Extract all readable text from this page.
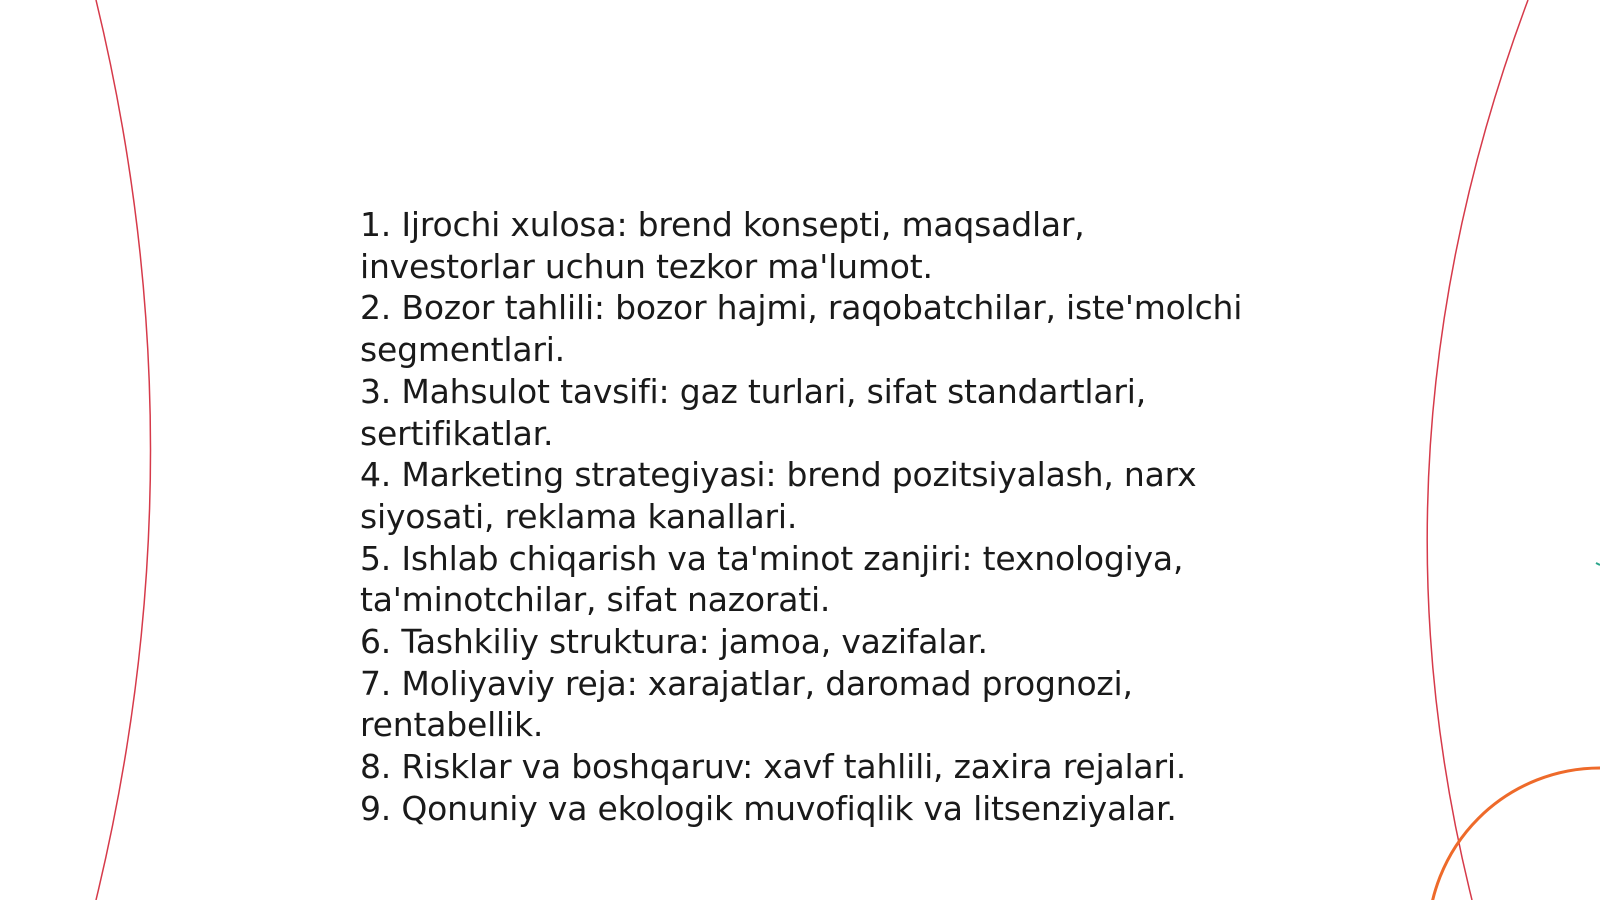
1. Ijrochi xulosa: brend konsepti, maqsadlar, investorlar uchun tezkor ma'lumot.

2. Bozor tahlili: bozor hajmi, raqobatchilar, iste'molchi segmentlari.

3. Mahsulot tavsifi: gaz turlari, sifat standartlari, sertifikatlar.

4. Marketing strategiyasi: brend pozitsiyalash, narx siyosati, reklama kanallari.

5. Ishlab chiqarish va ta'minot zanjiri: texnologiya, ta'minotchilar, sifat nazorati.

6. Tashkiliy struktura: jamoa, vazifalar.

7. Moliyaviy reja: xarajatlar, daromad prognozi, rentabellik.

8. Risklar va boshqaruv: xavf tahlili, zaxira rejalari.

9. Qonuniy va ekologik muvofiqlik va litsenziyalar.
